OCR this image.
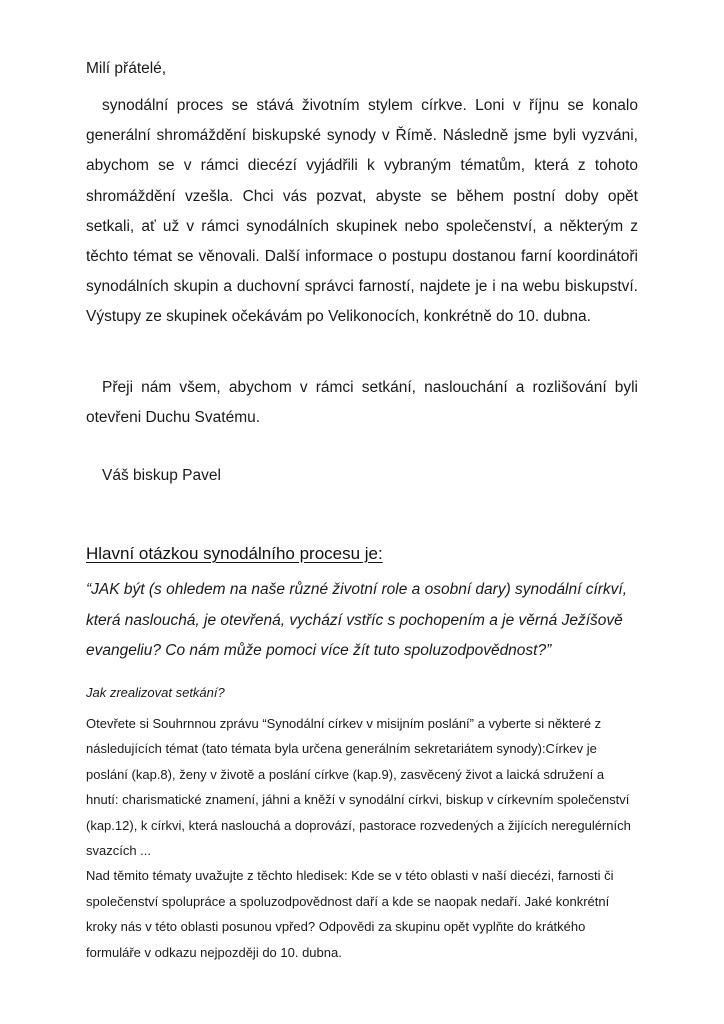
Milí přátelé,
synodální proces se stává životním stylem církve. Loni v říjnu se konalo generální shromáždění biskupské synody v Římě. Následně jsme byli vyzváni, abychom se v rámci diecézí vyjádřili k vybraným tématům, která z tohoto shromáždění vzešla. Chci vás pozvat, abyste se během postní doby opět setkali, ať už v rámci synodálních skupinek nebo společenství, a některým z těchto témat se věnovali. Další informace o postupu dostanou farní koordinátoři synodálních skupin a duchovní správci farností, najdete je i na webu biskupství. Výstupy ze skupinek očekávám po Velikonocích, konkrétně do 10. dubna.
Přeji nám všem, abychom v rámci setkání, naslouchání a rozlišování byli otevřeni Duchu Svatému.
Váš biskup Pavel
Hlavní otázkou synodálního procesu je:
“JAK být (s ohledem na naše různé životní role a osobní dary) synodální církví, která naslouchá, je otevřená, vychází vstříc s pochopením a je věrná Ježíšově evangeliu? Co nám může pomoci více žít tuto spoluzodpovědnost?”
Jak zrealizovat setkání?

Otevřete si Souhrnnou zprávu “Synodální církev v misijním poslání” a vyberte si některé z následujících témat (tato témata byla určena generálním sekretariátem synody):Církev je poslání (kap.8), ženy v životě a poslání církve (kap.9), zasvěcený život a laická sdružení a hnutí: charismatické znamení, jáhni a kněží v synodální církvi, biskup v církevním společenství (kap.12), k církvi, která naslouchá a doprovází, pastorace rozvedených a žijících neregulérních svazcích ...

Nad těmito tématy uvažujte z těchto hledisek: Kde se v této oblasti v naší diecézi, farnosti či společenství spolupráce a spoluzodpovědnost daří a kde se naopak nedaří. Jaké konkrétní kroky nás v této oblasti posunou vpřed? Odpovědi za skupinu opět vyplňte do krátkého formuláře v odkazu nejpozději do 10. dubna.
